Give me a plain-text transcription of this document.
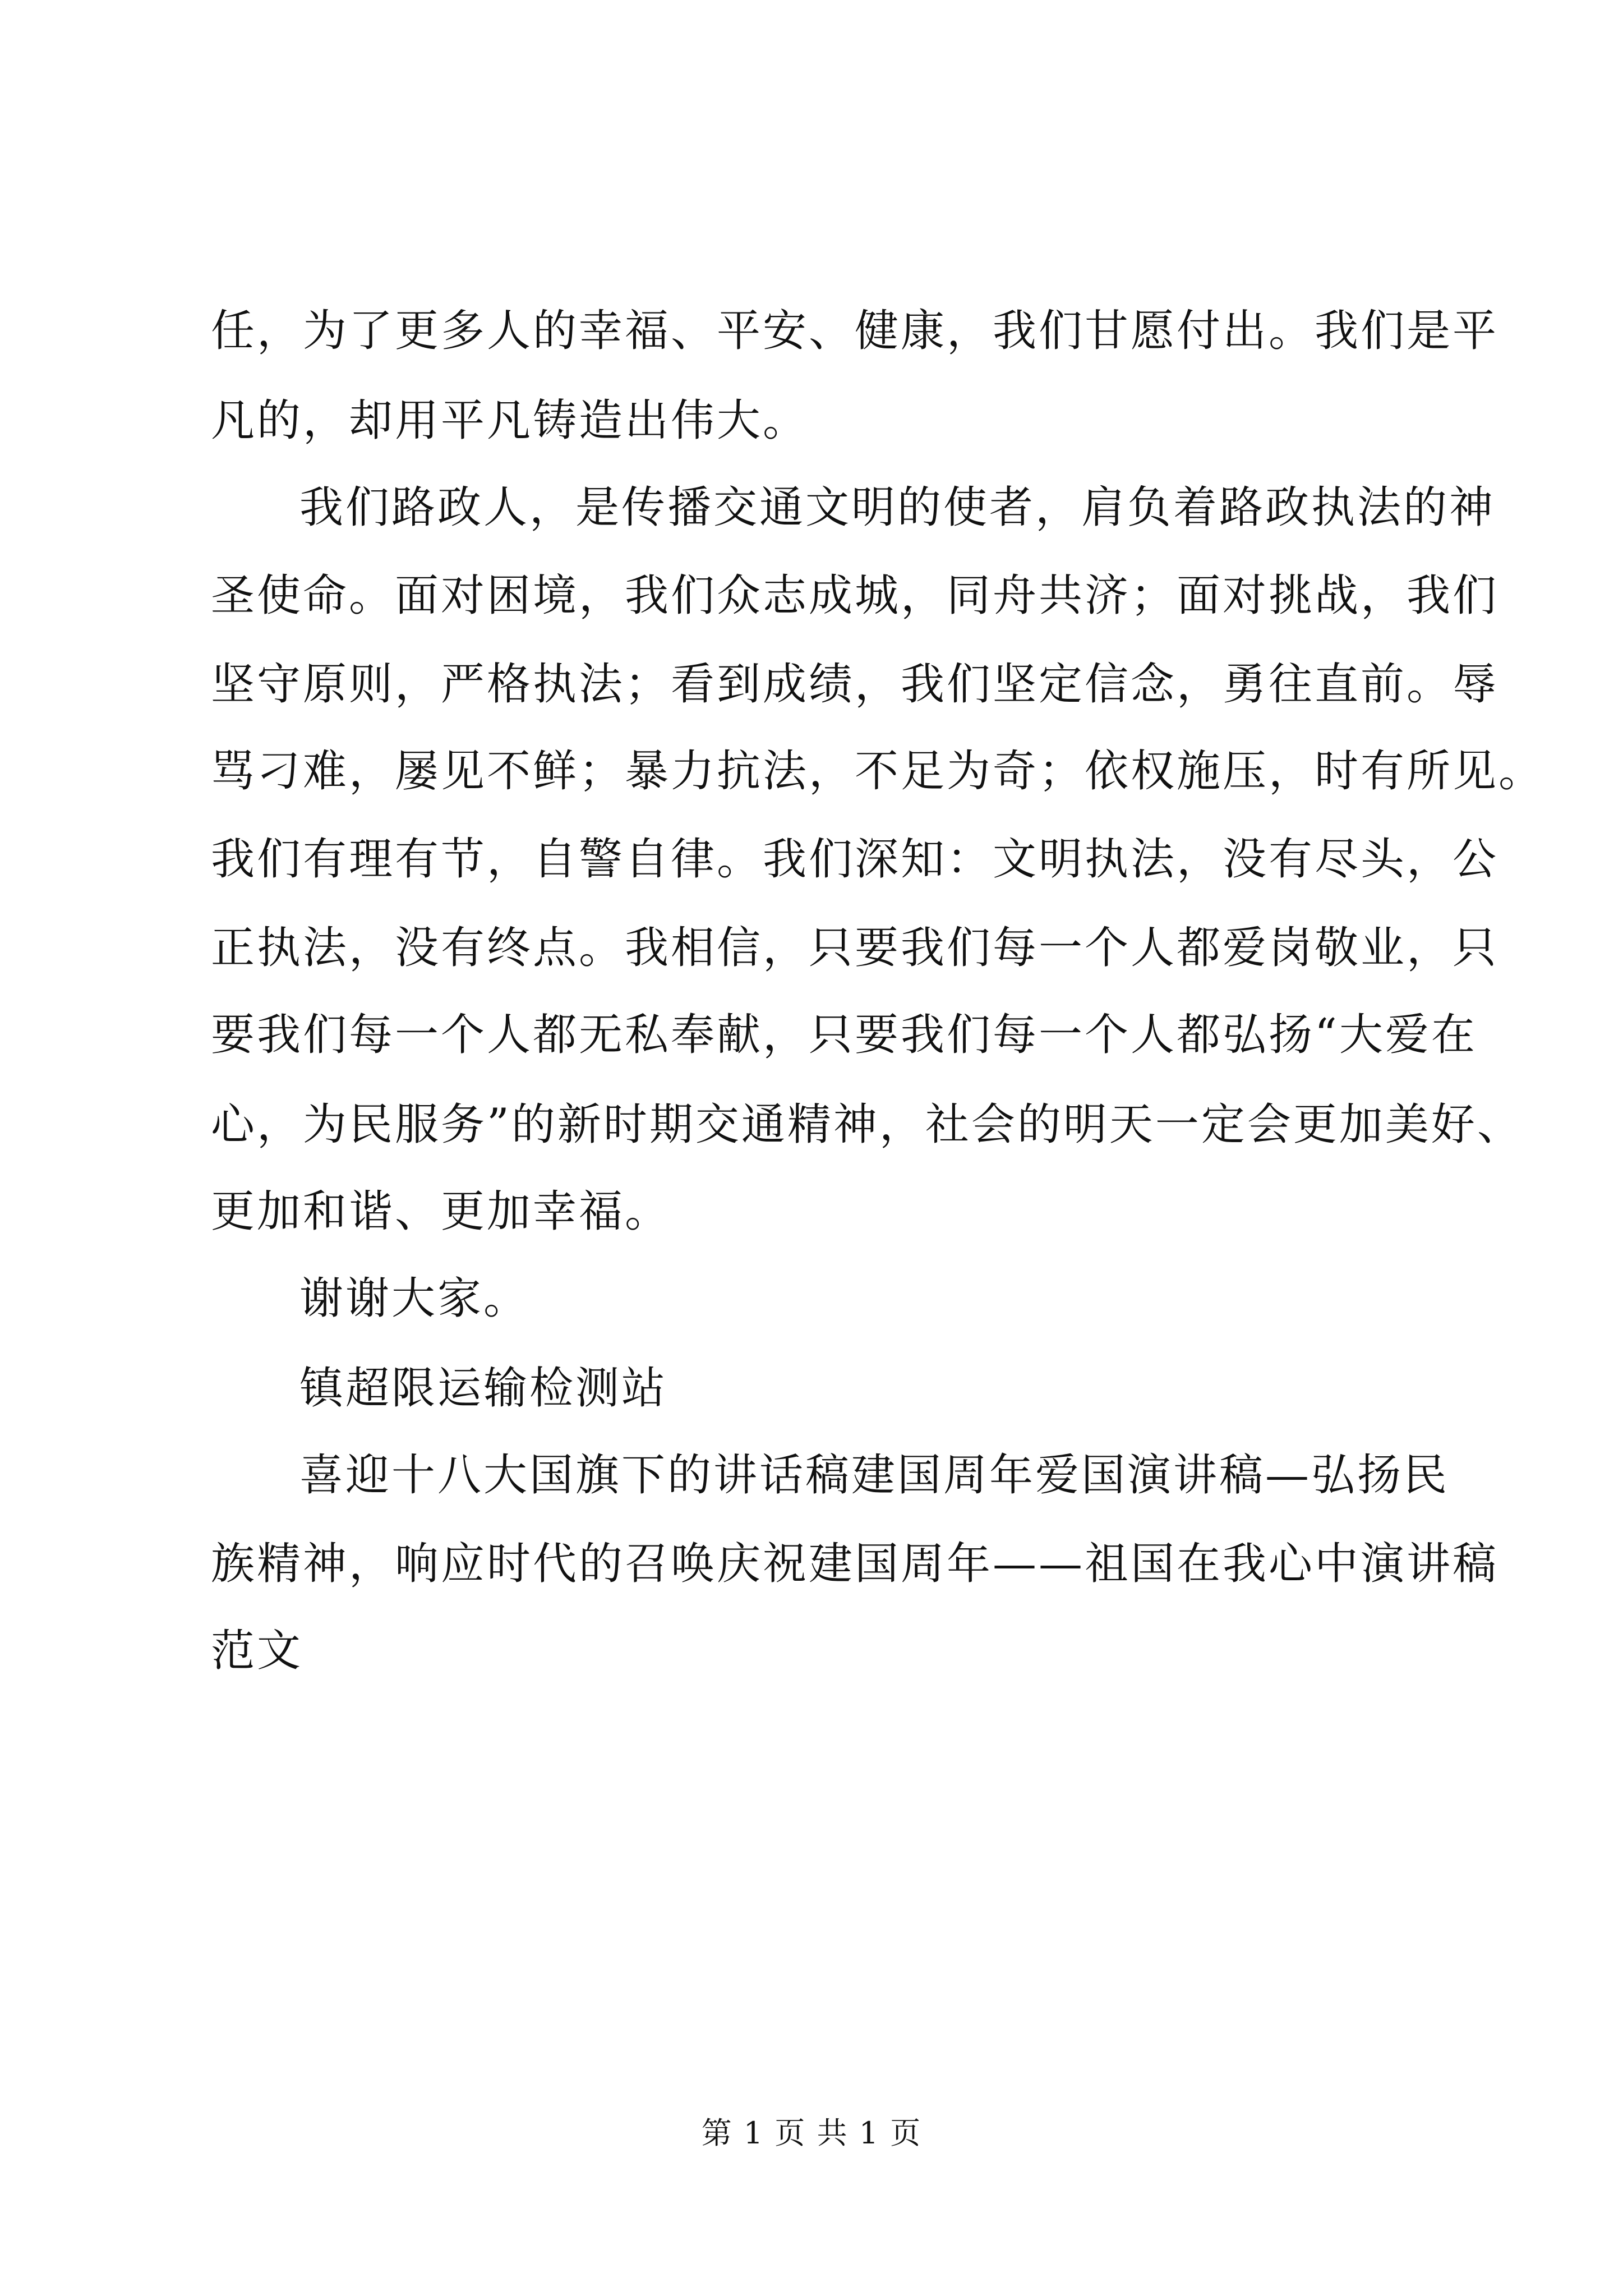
任，为了更多人的幸福、平安、健康，我们甘愿付出。我们是平
凡的，却用平凡铸造出伟大。
我们路政人，是传播交通文明的使者，肩负着路政执法的神
圣使命。面对困境，我们众志成城，同舟共济；面对挑战，我们
坚守原则，严格执法；看到成绩，我们坚定信念，勇往直前。辱
骂刁难，屡见不鲜；暴力抗法，不足为奇；依权施压，时有所见。
我们有理有节，自警自律。我们深知：文明执法，没有尽头，公
正执法，没有终点。我相信，只要我们每一个人都爱岗敬业，只
要我们每一个人都无私奉献，只要我们每一个人都弘扬“大爱在
心，为民服务”的新时期交通精神，社会的明天一定会更加美好、
更加和谐、更加幸福。
谢谢大家。
镇超限运输检测站
喜迎十八大国旗下的讲话稿建国周年爱国演讲稿—弘扬民
族精神，响应时代的召唤庆祝建国周年——祖国在我心中演讲稿
范文
第 1 页 共 1 页
